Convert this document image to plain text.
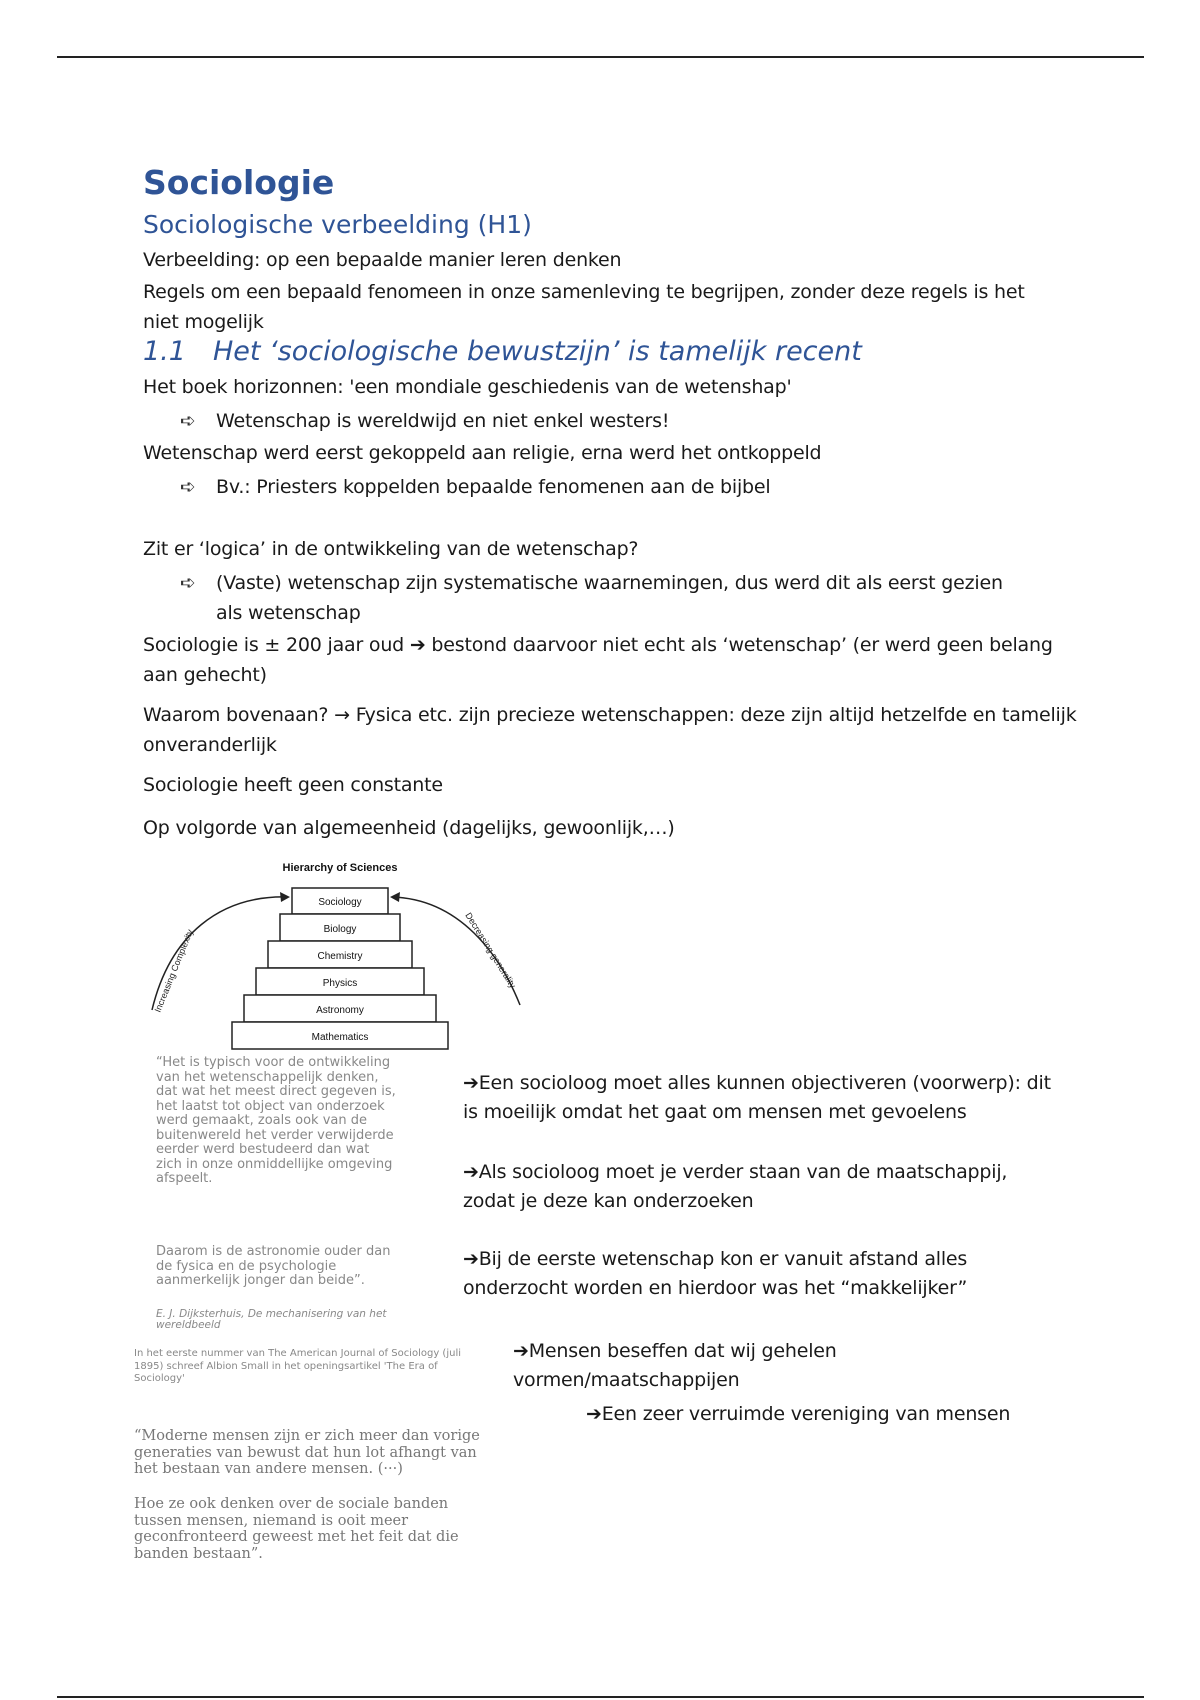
Sociologie
Sociologische verbeelding (H1)
Verbeelding: op een bepaalde manier leren denken
Regels om een bepaald fenomeen in onze samenleving te begrijpen, zonder deze regels is het niet mogelijk
1.1 Het ‘sociologische bewustzijn’ is tamelijk recent
Het boek horizonnen: 'een mondiale geschiedenis van de wetenshap'
➪	Wetenschap is wereldwijd en niet enkel westers!
Wetenschap werd eerst gekoppeld aan religie, erna werd het ontkoppeld
➪	Bv.: Priesters koppelden bepaalde fenomenen aan de bijbel
Zit er ‘logica’ in de ontwikkeling van de wetenschap?
➪	(Vaste) wetenschap zijn systematische waarnemingen, dus werd dit als eerst gezien als wetenschap
Sociologie is ± 200 jaar oud ➔ bestond daarvoor niet echt als ‘wetenschap’ (er werd geen belang aan gehecht)
Waarom bovenaan? → Fysica etc. zijn precieze wetenschappen: deze zijn altijd hetzelfde en tamelijk onveranderlijk
Sociologie heeft geen constante
Op volgorde van algemeenheid (dagelijks, gewoonlijk,…)
Hierarchy of Sciences
Sociology
Biology
Chemistry
Physics
Astronomy
Mathematics
Increasing Complexity	Decreasing generality
“Het is typisch voor de ontwikkeling van het wetenschappelijk denken, dat wat het meest direct gegeven is, het laatst tot object van onderzoek werd gemaakt, zoals ook van de buitenwereld het verder verwijderde eerder werd bestudeerd dan wat zich in onze onmiddellijke omgeving afspeelt.
Daarom is de astronomie ouder dan de fysica en de psychologie aanmerkelijk jonger dan beide”.
E. J. Dijksterhuis, De mechanisering van het wereldbeeld
In het eerste nummer van The American Journal of Sociology (juli 1895) schreef Albion Small in het openingsartikel 'The Era of Sociology'
“Moderne mensen zijn er zich meer dan vorige generaties van bewust dat hun lot afhangt van het bestaan van andere mensen. (···)
Hoe ze ook denken over de sociale banden tussen mensen, niemand is ooit meer geconfronteerd geweest met het feit dat die banden bestaan”.
➔Een socioloog moet alles kunnen objectiveren (voorwerp): dit is moeilijk omdat het gaat om mensen met gevoelens
➔Als socioloog moet je verder staan van de maatschappij, zodat je deze kan onderzoeken
➔Bij de eerste wetenschap kon er vanuit afstand alles onderzocht worden en hierdoor was het “makkelijker”
➔Mensen beseffen dat wij gehelen vormen/maatschappijen
➔Een zeer verruimde vereniging van mensen
